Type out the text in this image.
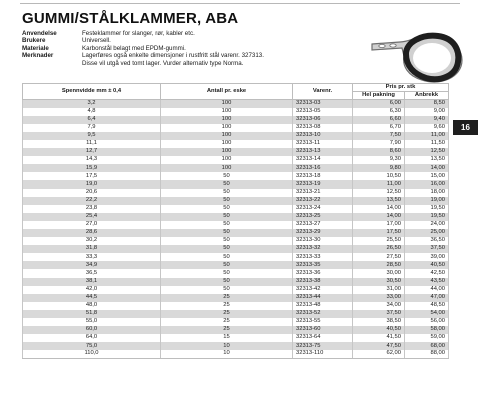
GUMMI/STÅLKLAMMER, ABA
Anvendelse	Festeklammer for slanger, rør, kabler etc.
Brukere	Universell.
Materiale	Karbonstål belagt med EPDM-gummi.
Merknader	Lagerføres også enkelte dimensjoner i rustfritt stål varenr. 327313.
Disse vil utgå ved tomt lager. Vurder alternativ type Norma.
16
Spennvidde mm ± 0,4	Antall pr. eske	Varenr.	Pris pr. stk	
			Hel pakning	Anbrekk
3,2	100	32313-03	6,00	8,50
4,8	100	32313-05	6,30	9,00
6,4	100	32313-06	6,60	9,40
7,9	100	32313-08	6,70	9,60
9,5	100	32313-10	7,50	11,00
11,1	100	32313-11	7,90	11,50
12,7	100	32313-13	8,60	12,50
14,3	100	32313-14	9,30	13,50
15,9	100	32313-16	9,80	14,00
17,5	50	32313-18	10,50	15,00
19,0	50	32313-19	11,00	16,00
20,6	50	32313-21	12,50	18,00
22,2	50	32313-22	13,50	19,00
23,8	50	32313-24	14,00	19,50
25,4	50	32313-25	14,00	19,50
27,0	50	32313-27	17,00	24,00
28,6	50	32313-29	17,50	25,00
30,2	50	32313-30	25,50	36,50
31,8	50	32313-32	26,50	37,50
33,3	50	32313-33	27,50	39,00
34,9	50	32313-35	28,50	40,50
36,5	50	32313-36	30,00	42,50
38,1	50	32313-38	30,50	43,50
42,0	50	32313-42	31,00	44,00
44,5	25	32313-44	33,00	47,00
48,0	25	32313-48	34,00	48,50
51,8	25	32313-52	37,50	54,00
55,0	25	32313-55	38,50	56,00
60,0	25	32313-60	40,50	58,00
64,0	15	32313-64	41,50	59,00
75,0	10	32313-75	47,50	68,00
110,0	10	32313-110	62,00	88,00
